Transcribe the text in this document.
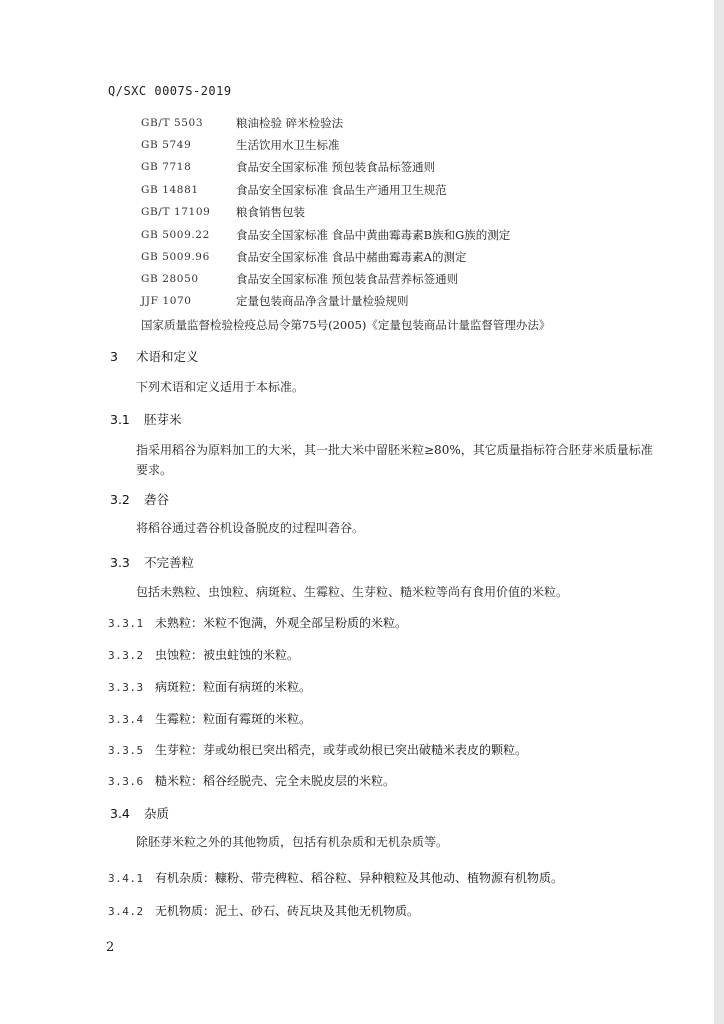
Q/SXC 0007S-2019
GB/T 5503	粮油检验 碎米检验法
GB 5749	生活饮用水卫生标准
GB 7718	食品安全国家标准 预包装食品标签通则
GB 14881	食品安全国家标准 食品生产通用卫生规范
GB/T 17109 粮食销售包装
GB 5009.22 食品安全国家标准 食品中黄曲霉毒素B族和G族的测定
GB 5009.96 食品安全国家标准 食品中赭曲霉毒素A的测定
GB 28050	食品安全国家标准 预包装食品营养标签通则
JJF 1070	定量包装商品净含量计量检验规则
国家质量监督检验检疫总局令第75号(2005)《定量包装商品计量监督管理办法》
3 术语和定义
下列术语和定义适用于本标准。
3.1 胚芽米
指采用稻谷为原料加工的大米，其一批大米中留胚米粒≥80%，其它质量指标符合胚芽米质量标准要求。
3.2 砻谷
将稻谷通过砻谷机设备脱皮的过程叫砻谷。
3.3 不完善粒
包括未熟粒、虫蚀粒、病斑粒、生霉粒、生芽粒、糙米粒等尚有食用价值的米粒。
3.3.1 未熟粒：米粒不饱满，外观全部呈粉质的米粒。
3.3.2 虫蚀粒：被虫蛀蚀的米粒。
3.3.3 病斑粒：粒面有病斑的米粒。
3.3.4 生霉粒：粒面有霉斑的米粒。
3.3.5 生芽粒：芽或幼根已突出稻壳，或芽或幼根已突出破糙米表皮的颗粒。
3.3.6 糙米粒：稻谷经脱壳、完全未脱皮层的米粒。
3.4 杂质
除胚芽米粒之外的其他物质，包括有机杂质和无机杂质等。
3.4.1 有机杂质：糠粉、带壳稗粒、稻谷粒、异种粮粒及其他动、植物源有机物质。
3.4.2 无机物质：泥土、砂石、砖瓦块及其他无机物质。
2
